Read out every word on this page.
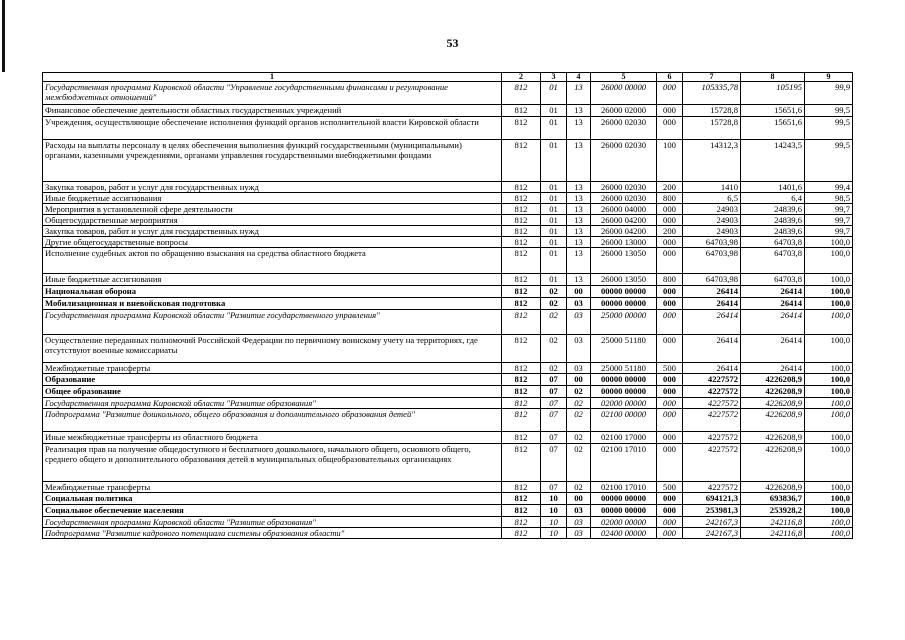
53
1	2	3	4	5	6	7	8	9
Государственная программа Кировской области "Управление государственными финансами и регулирование межбюджетных отношений"	812	01	13	26000 00000	000	105335,78	105195	99,9
Финансовое обеспечение деятельности областных государственных учреждений	812	01	13	26000 02000	000	15728,8	15651,6	99,5
Учреждения, осуществляющие обеспечение исполнения функций органов исполнительной власти Кировской области	812	01	13	26000 02030	000	15728,8	15651,6	99,5
Расходы на выплаты персоналу в целях обеспечения выполнения функций государственными (муниципальными) органами, казенными учреждениями, органами управления государственными внебюджетными фондами	812	01	13	26000 02030	100	14312,3	14243,5	99,5
Закупка товаров, работ и услуг для государственных нужд	812	01	13	26000 02030	200	1410	1401,6	99,4
Иные бюджетные ассигнования	812	01	13	26000 02030	800	6,5	6,4	98,5
Мероприятия в установленной сфере деятельности	812	01	13	26000 04000	000	24903	24839,6	99,7
Общегосударственные мероприятия	812	01	13	26000 04200	000	24903	24839,6	99,7
Закупка товаров, работ и услуг для государственных нужд	812	01	13	26000 04200	200	24903	24839,6	99,7
Другие общегосударственные вопросы	812	01	13	26000 13000	000	64703,98	64703,8	100,0
Исполнение судебных актов по обращению взыскания на средства областного бюджета	812	01	13	26000 13050	000	64703,98	64703,8	100,0
Иные бюджетные ассигнования	812	01	13	26000 13050	800	64703,98	64703,8	100,0
Национальная оборона	812	02	00	00000 00000	000	26414	26414	100,0
Мобилизационная и вневойсковая подготовка	812	02	03	00000 00000	000	26414	26414	100,0
Государственная программа Кировской области "Развитие государственного управления"	812	02	03	25000 00000	000	26414	26414	100,0
Осуществление переданных полномочий Российской Федерации по первичному воинскому учету на территориях, где отсутствуют военные комиссариаты	812	02	03	25000 51180	000	26414	26414	100,0
Межбюджетные трансферты	812	02	03	25000 51180	500	26414	26414	100,0
Образование	812	07	00	00000 00000	000	4227572	4226208,9	100,0
Общее образование	812	07	02	00000 00000	000	4227572	4226208,9	100,0
Государственная программа Кировской области "Развитие образования"	812	07	02	02000 00000	000	4227572	4226208,9	100,0
Подпрограмма "Развитие дошкольного, общего образования и дополнительного образования детей"	812	07	02	02100 00000	000	4227572	4226208,9	100,0
Иные межбюджетные трансферты из областного бюджета	812	07	02	02100 17000	000	4227572	4226208,9	100,0
Реализация прав на получение общедоступного и бесплатного дошкольного, начального общего, основного общего, среднего общего и дополнительного образования детей в муниципальных общеобразовательных организациях	812	07	02	02100 17010	000	4227572	4226208,9	100,0
Межбюджетные трансферты	812	07	02	02100 17010	500	4227572	4226208,9	100,0
Социальная политика	812	10	00	00000 00000	000	694121,3	693836,7	100,0
Социальное обеспечение населения	812	10	03	00000 00000	000	253981,3	253928,2	100,0
Государственная программа Кировской области "Развитие образования"	812	10	03	02000 00000	000	242167,3	242116,8	100,0
Подпрограмма "Развитие кадрового потенциала системы образования области"	812	10	03	02400 00000	000	242167,3	242116,8	100,0
